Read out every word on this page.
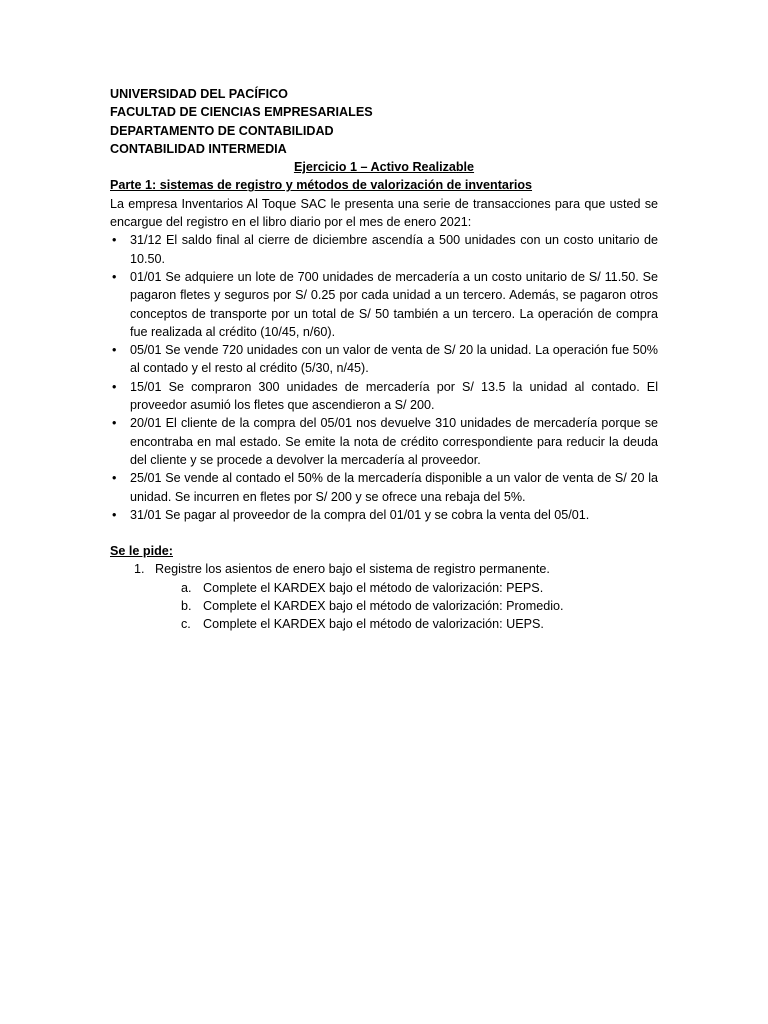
UNIVERSIDAD DEL PACÍFICO
FACULTAD DE CIENCIAS EMPRESARIALES
DEPARTAMENTO DE CONTABILIDAD
CONTABILIDAD INTERMEDIA
Ejercicio 1 – Activo Realizable
Parte 1: sistemas de registro y métodos de valorización de inventarios
La empresa Inventarios Al Toque SAC le presenta una serie de transacciones para que usted se encargue del registro en el libro diario por el mes de enero 2021:
• 31/12 El saldo final al cierre de diciembre ascendía a 500 unidades con un costo unitario de 10.50.
• 01/01 Se adquiere un lote de 700 unidades de mercadería a un costo unitario de S/ 11.50. Se pagaron fletes y seguros por S/ 0.25 por cada unidad a un tercero. Además, se pagaron otros conceptos de transporte por un total de S/ 50 también a un tercero. La operación de compra fue realizada al crédito (10/45, n/60).
• 05/01 Se vende 720 unidades con un valor de venta de S/ 20 la unidad. La operación fue 50% al contado y el resto al crédito (5/30, n/45).
• 15/01 Se compraron 300 unidades de mercadería por S/ 13.5 la unidad al contado. El proveedor asumió los fletes que ascendieron a S/ 200.
• 20/01 El cliente de la compra del 05/01 nos devuelve 310 unidades de mercadería porque se encontraba en mal estado. Se emite la nota de crédito correspondiente para reducir la deuda del cliente y se procede a devolver la mercadería al proveedor.
• 25/01 Se vende al contado el 50% de la mercadería disponible a un valor de venta de S/ 20 la unidad. Se incurren en fletes por S/ 200 y se ofrece una rebaja del 5%.
• 31/01 Se pagar al proveedor de la compra del 01/01 y se cobra la venta del 05/01.
Se le pide:
1. Registre los asientos de enero bajo el sistema de registro permanente.
a. Complete el KARDEX bajo el método de valorización: PEPS.
b. Complete el KARDEX bajo el método de valorización: Promedio.
c. Complete el KARDEX bajo el método de valorización: UEPS.
